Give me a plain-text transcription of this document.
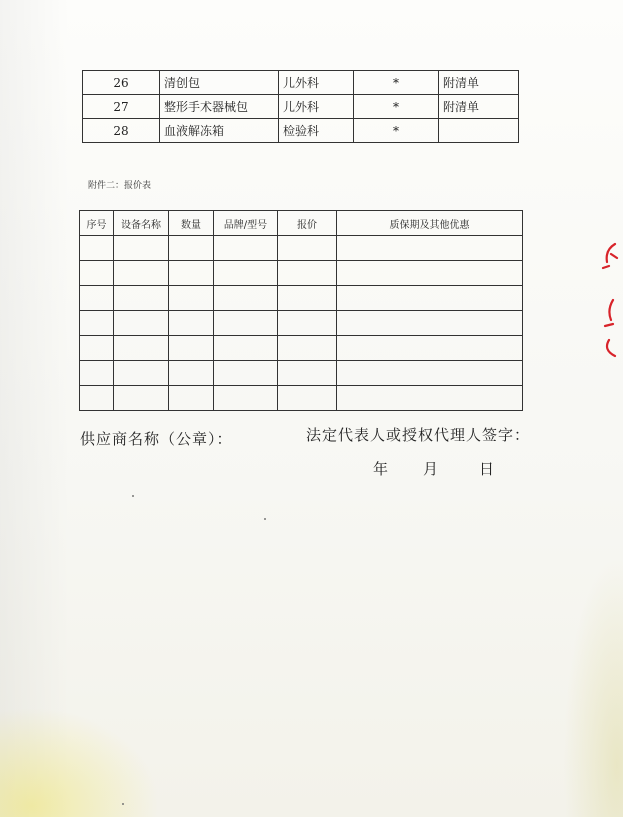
26	清创包	儿外科	*	附清单
27	整形手术器械包	儿外科	*	附清单
28	血液解冻箱	检验科	*	
附件二：报价表
序号	设备名称	数量	品牌/型号	报价	质保期及其他优惠

供应商名称（公章）：	法定代表人或授权代理人签字：
年 月	日
